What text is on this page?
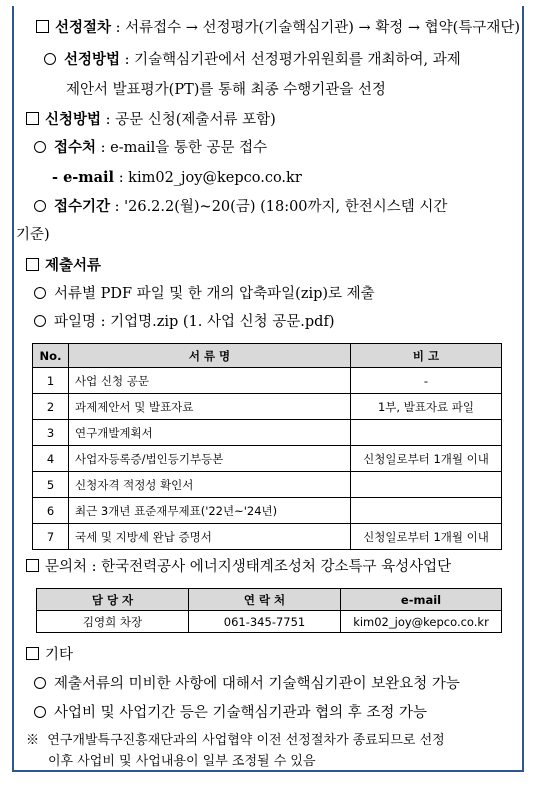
선정절차 : 서류접수 → 선정평가(기술핵심기관) → 확정 → 협약(특구재단)
선정방법 : 기술핵심기관에서 선정평가위원회를 개최하여, 과제
제안서 발표평가(PT)를 통해 최종 수행기관을 선정
신청방법 : 공문 신청(제출서류 포함)
접수처 : e-mail을 통한 공문 접수
- e-mail : kim02_joy@kepco.co.kr
접수기간 : '26.2.2(월)~20(금) (18:00까지, 한전시스템 시간
기준)
제출서류
서류별 PDF 파일 및 한 개의 압축파일(zip)로 제출
파일명 : 기업명.zip (1. 사업 신청 공문.pdf)
No.	서 류 명	비 고
1	사업 신청 공문	-
2	과제제안서 및 발표자료	1부, 발표자료 파일
3	연구개발계획서	
4	사업자등록증/법인등기부등본	신청일로부터 1개월 이내
5	신청자격 적정성 확인서	
6	최근 3개년 표준재무제표('22년~'24년)	
7	국세 및 지방세 완납 증명서	신청일로부터 1개월 이내
문의처 : 한국전력공사 에너지생태계조성처 강소특구 육성사업단
담 당 자	연 락 처	e-mail
김영희 차장	061-345-7751	kim02_joy@kepco.co.kr
기타
제출서류의 미비한 사항에 대해서 기술핵심기관이 보완요청 가능
사업비 및 사업기간 등은 기술핵심기관과 협의 후 조정 가능
※ 연구개발특구진흥재단과의 사업협약 이전 선정절차가 종료되므로 선정
이후 사업비 및 사업내용이 일부 조정될 수 있음
